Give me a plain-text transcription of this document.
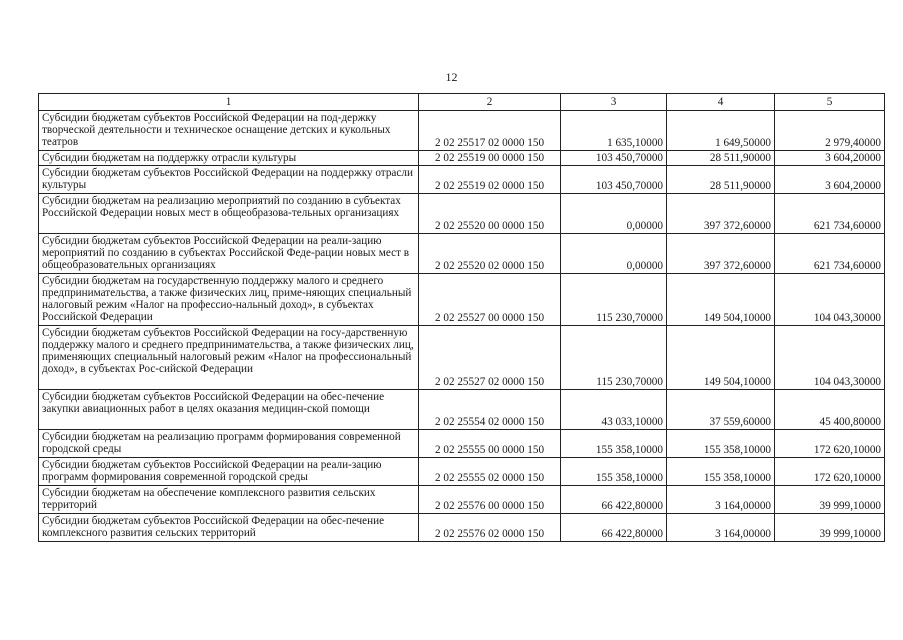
12
1	2	3	4	5
Субсидии бюджетам субъектов Российской Федерации на под-держку творческой деятельности и техническое оснащение детских и кукольных театров	2 02 25517 02 0000 150	1 635,10000	1 649,50000	2 979,40000
Субсидии бюджетам на поддержку отрасли культуры	2 02 25519 00 0000 150	103 450,70000	28 511,90000	3 604,20000
Субсидии бюджетам субъектов Российской Федерации на поддержку отрасли культуры	2 02 25519 02 0000 150	103 450,70000	28 511,90000	3 604,20000
Субсидии бюджетам на реализацию мероприятий по созданию в субъектах Российской Федерации новых мест в общеобразова-тельных организациях	2 02 25520 00 0000 150	0,00000	397 372,60000	621 734,60000
Субсидии бюджетам субъектов Российской Федерации на реали-зацию мероприятий по созданию в субъектах Российской Феде-рации новых мест в общеобразовательных организациях	2 02 25520 02 0000 150	0,00000	397 372,60000	621 734,60000
Субсидии бюджетам на государственную поддержку малого и среднего предпринимательства, а также физических лиц, приме-няющих специальный налоговый режим «Налог на профессио-нальный доход», в субъектах Российской Федерации	2 02 25527 00 0000 150	115 230,70000	149 504,10000	104 043,30000
Субсидии бюджетам субъектов Российской Федерации на госу-дарственную поддержку малого и среднего предпринимательства, а также физических лиц, применяющих специальный налоговый режим «Налог на профессиональный доход», в субъектах Рос-сийской Федерации	2 02 25527 02 0000 150	115 230,70000	149 504,10000	104 043,30000
Субсидии бюджетам субъектов Российской Федерации на обес-печение закупки авиационных работ в целях оказания медицин-ской помощи	2 02 25554 02 0000 150	43 033,10000	37 559,60000	45 400,80000
Субсидии бюджетам на реализацию программ формирования современной городской среды	2 02 25555 00 0000 150	155 358,10000	155 358,10000	172 620,10000
Субсидии бюджетам субъектов Российской Федерации на реали-зацию программ формирования современной городской среды	2 02 25555 02 0000 150	155 358,10000	155 358,10000	172 620,10000
Субсидии бюджетам на обеспечение комплексного развития сельских территорий	2 02 25576 00 0000 150	66 422,80000	3 164,00000	39 999,10000
Субсидии бюджетам субъектов Российской Федерации на обес-печение комплексного развития сельских территорий	2 02 25576 02 0000 150	66 422,80000	3 164,00000	39 999,10000
